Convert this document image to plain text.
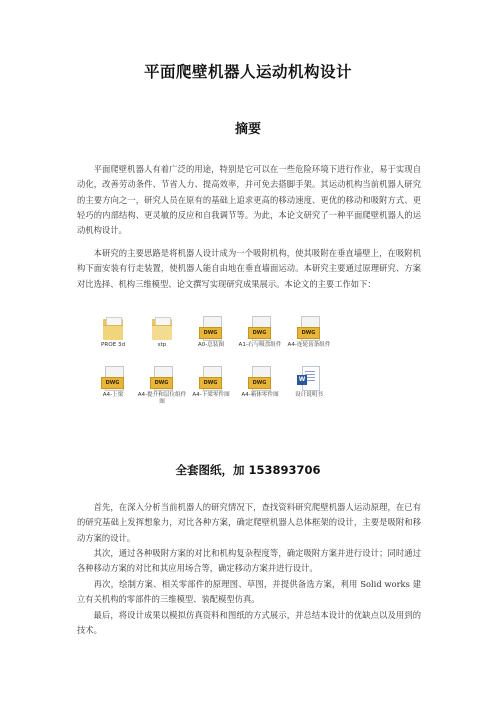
平面爬壁机器人运动机构设计
摘要

平面爬壁机器人有着广泛的用途，特别是它可以在一些危险环境下进行作业，易于实现自动化，改善劳动条件、节省人力、提高效率，并可免去搭脚手架。其运动机构当前机器人研究的主要方向之一，研究人员在原有的基础上追求更高的移动速度、更优的移动和吸附方式、更轻巧的内部结构、更灵敏的反应和自我调节等。为此，本论文研究了一种平面爬壁机器人的运动机构设计。

本研究的主要思路是将机器人设计成为一个吸附机构，使其吸附在垂直墙壁上，在吸附机构下面安装有行走装置，使机器人能自由地在垂直墙面运动。本研究主要通过原理研究、方案对比选择、机构三维模型、论文撰写实现研究成果展示。本论文的主要工作如下：

PROE 3d	stp
DWG
A0-总装图
DWG
A1-右与吸盘组件
DWG
A4-连轮齿条组件
DWG
A4-上梁
DWG
A4-提升和层位组件图
DWG
A4-下梁零件图
DWG
A4-箱体零件图
W
设计说明书
全套图纸，加 153893706

首先，在深入分析当前机器人的研究情况下，查找资料研究爬壁机器人运动原理，在已有的研究基础上发挥想象力，对比各种方案，确定爬壁机器人总体框架的设计，主要是吸附和移动方案的设计。

其次，通过各种吸附方案的对比和机构复杂程度等，确定吸附方案并进行设计；同时通过各种移动方案的对比和其应用场合等，确定移动方案并进行设计。

再次，绘制方案、相关零部件的原理图、草图，并提供备选方案，利用 Solid works 建立有关机构的零部件的三维模型、装配模型仿真。

最后，将设计成果以模拟仿真资料和图纸的方式展示，并总结本设计的优缺点以及用到的技术。
